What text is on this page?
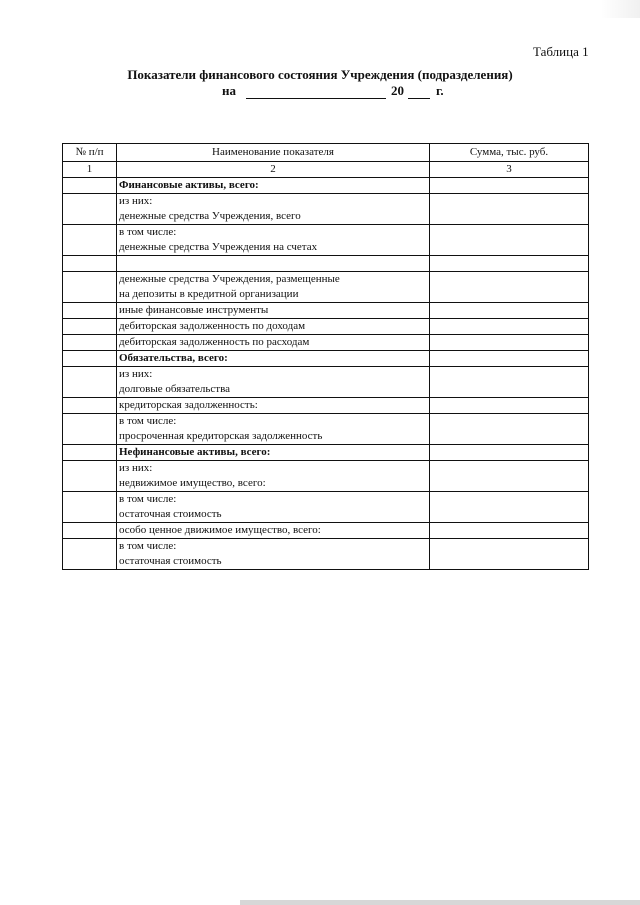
Таблица 1
Показатели финансового состояния Учреждения (подразделения)
на	20 г.
№ п/п	Наименование показателя	Сумма, тыс. руб.
1	2	3

	Финансовые активы, всего:	

	из них:
денежные средства Учреждения, всего	

	в том числе:
денежные средства Учреждения на счетах	

	денежные средства Учреждения, размещенные
на депозиты в кредитной организации	

	иные финансовые инструменты	

	дебиторская задолженность по доходам	

	дебиторская задолженность по расходам	

	Обязательства, всего:	

	из них:
долговые обязательства	

	кредиторская задолженность:	

	в том числе:
просроченная кредиторская задолженность	

	Нефинансовые активы, всего:	

	из них:
недвижимое имущество, всего:	

	в том числе:
остаточная стоимость	

	особо ценное движимое имущество, всего:	

	в том числе:
остаточная стоимость	
